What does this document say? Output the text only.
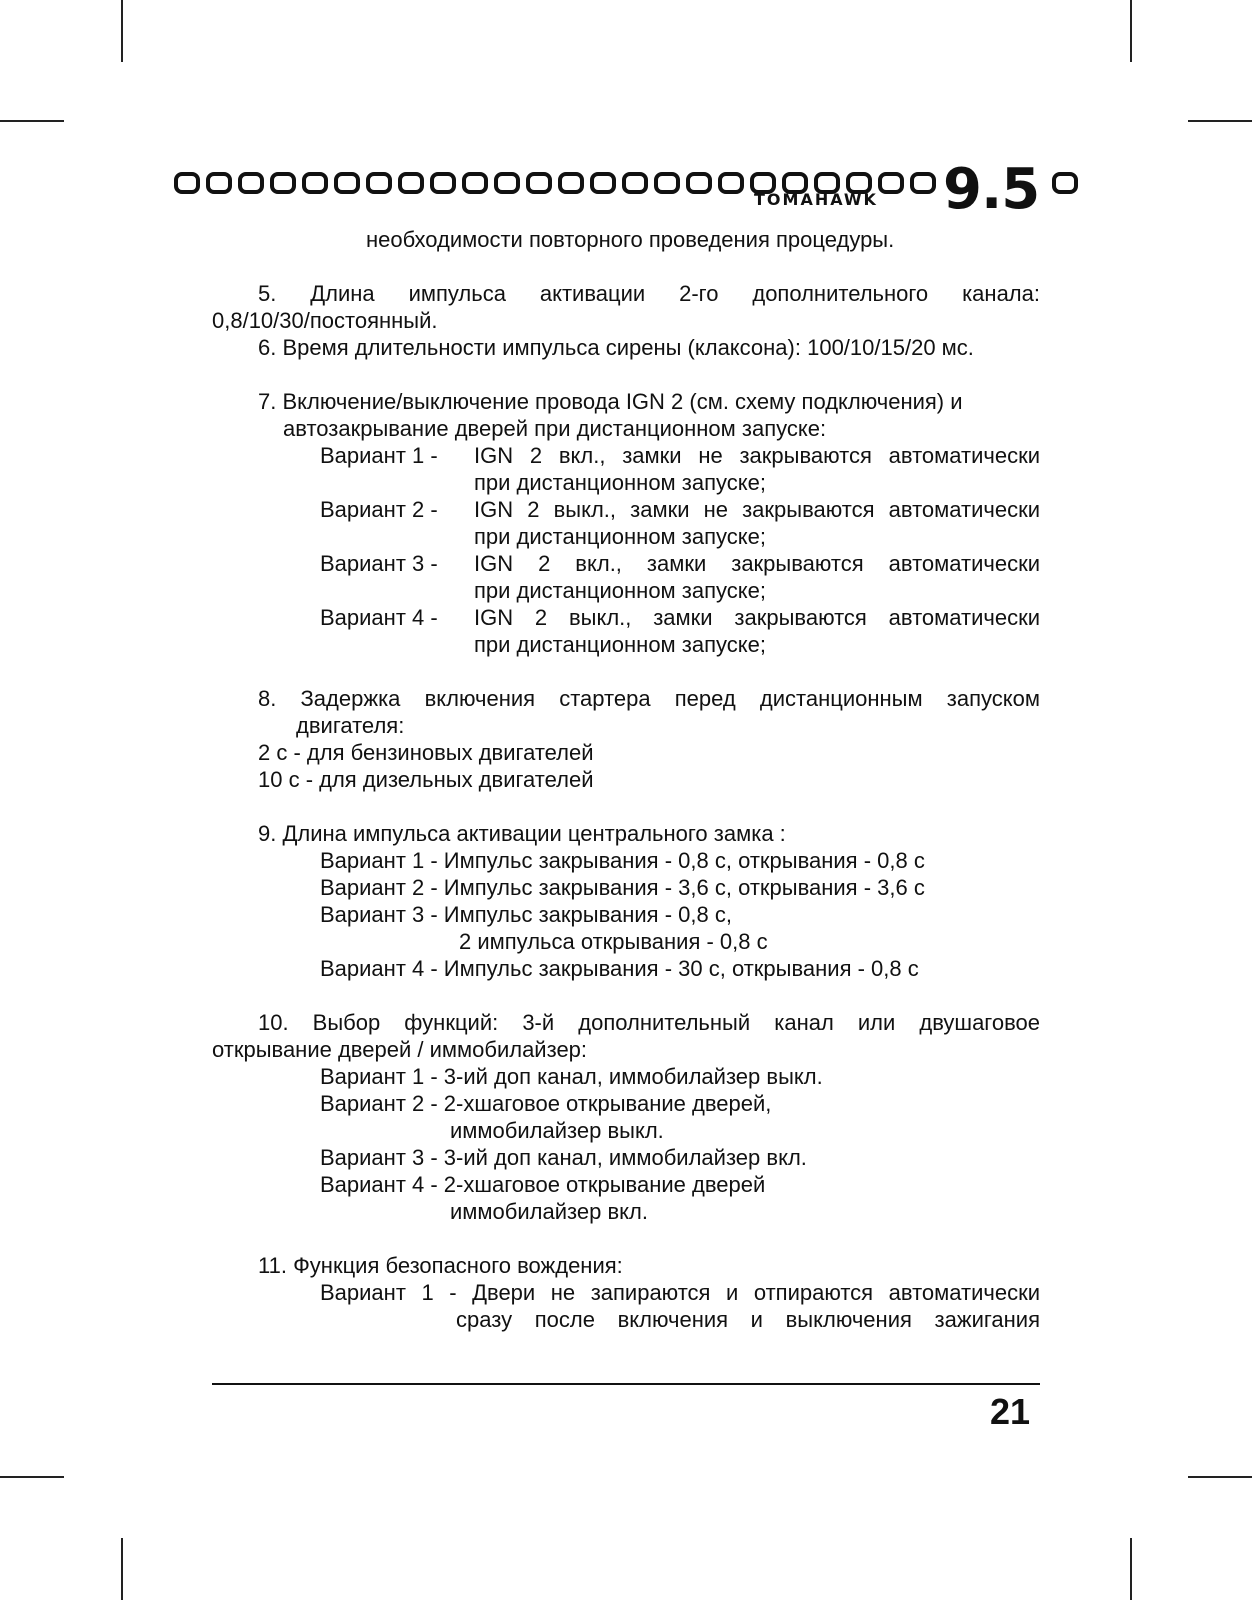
TOMAHAWK 9.5
необходимости повторного проведения процедуры.
5. Длина импульса активации 2-го дополнительного канала:
0,8/10/30/постоянный.
6. Время длительности импульса сирены (клаксона): 100/10/15/20 мс.
7. Включение/выключение провода IGN 2 (см. схему подключения) и
автозакрывание дверей при дистанционном запуске:
Вариант 1 - IGN 2 вкл., замки не закрываются автоматически
при дистанционном запуске;
Вариант 2 - IGN 2 выкл., замки не закрываются автоматически
при дистанционном запуске;
Вариант 3 - IGN 2 вкл., замки закрываются автоматически
при дистанционном запуске;
Вариант 4 - IGN 2 выкл., замки закрываются автоматически
при дистанционном запуске;
8. Задержка включения стартера перед дистанционным запуском
двигателя:
2 с - для бензиновых двигателей
10 с - для дизельных двигателей
9. Длина импульса активации центрального замка :
Вариант 1 - Импульс закрывания - 0,8 с, открывания - 0,8 с
Вариант 2 - Импульс закрывания - 3,6 с, открывания - 3,6 с
Вариант 3 - Импульс закрывания - 0,8 с,
2 импульса открывания - 0,8 с
Вариант 4 - Импульс закрывания - 30 с, открывания - 0,8 с
10. Выбор функций: 3-й дополнительный канал или двушаговое
открывание дверей / иммобилайзер:
Вариант 1 - 3-ий доп канал, иммобилайзер выкл.
Вариант 2 - 2-хшаговое открывание дверей,
иммобилайзер выкл.
Вариант 3 - 3-ий доп канал, иммобилайзер вкл.
Вариант 4 - 2-хшаговое открывание дверей
иммобилайзер вкл.
11. Функция безопасного вождения:
Вариант 1 - Двери не запираются и отпираются автоматически
сразу после включения и выключения зажигания
21
